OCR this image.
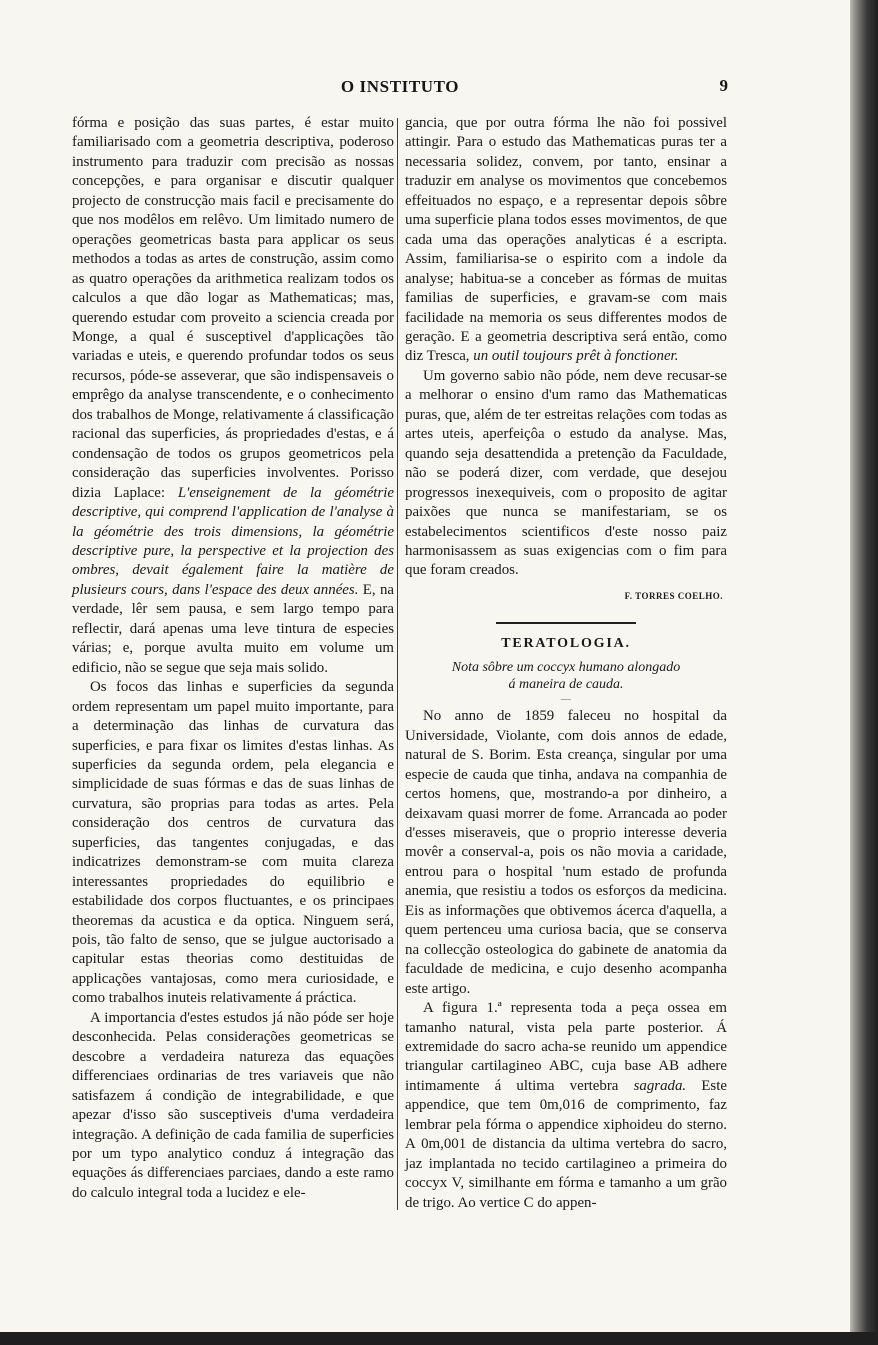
O INSTITUTO	9

fórma e posição das suas partes, é estar muito familiarisado com a geometria descriptiva, poderoso instrumento para traduzir com precisão as nossas concepções, e para organisar e discutir qualquer projecto de construcção mais facil e precisamente do que nos modêlos em relêvo. Um limitado numero de operações geometricas basta para applicar os seus methodos a todas as artes de construção, assim como as quatro operações da arithmetica realizam todos os calculos a que dão logar as Mathematicas; mas, querendo estudar com proveito a sciencia creada por Monge, a qual é susceptivel d'applicações tão variadas e uteis, e querendo profundar todos os seus recursos, póde-se asseverar, que são indispensaveis o emprêgo da analyse transcendente, e o conhecimento dos trabalhos de Monge, relativamente á classificação racional das superficies, ás propriedades d'estas, e á condensação de todos os grupos geometricos pela consideração das superficies involventes. Porisso dizia Laplace: L'enseignement de la géométrie descriptive, qui comprend l'application de l'analyse à la géométrie des trois dimensions, la géométrie descriptive pure, la perspective et la projection des ombres, devait également faire la matière de plusieurs cours, dans l'espace des deux années. E, na verdade, lêr sem pausa, e sem largo tempo para reflectir, dará apenas uma leve tintura de especies várias; e, porque avulta muito em volume um edificio, não se segue que seja mais solido.

Os focos das linhas e superficies da segunda ordem representam um papel muito importante, para a determinação das linhas de curvatura das superficies, e para fixar os limites d'estas linhas. As superficies da segunda ordem, pela elegancia e simplicidade de suas fórmas e das de suas linhas de curvatura, são proprias para todas as artes. Pela consideração dos centros de curvatura das superficies, das tangentes conjugadas, e das indicatrizes demonstram-se com muita clareza interessantes propriedades do equilibrio e estabilidade dos corpos fluctuantes, e os principaes theoremas da acustica e da optica. Ninguem será, pois, tão falto de senso, que se julgue auctorisado a capitular estas theorias como destituidas de applicações vantajosas, como mera curiosidade, e como trabalhos inuteis relativamente á práctica.

A importancia d'estes estudos já não póde ser hoje desconhecida. Pelas considerações geometricas se descobre a verdadeira natureza das equações differenciaes ordinarias de tres variaveis que não satisfazem á condição de integrabilidade, e que apezar d'isso são susceptiveis d'uma verdadeira integração. A definição de cada familia de superficies por um typo analytico conduz á integração das equações ás differenciaes parciaes, dando a este ramo do calculo integral toda a lucidez e ele-

gancia, que por outra fórma lhe não foi possivel attingir. Para o estudo das Mathematicas puras ter a necessaria solidez, convem, por tanto, ensinar a traduzir em analyse os movimentos que concebemos effeituados no espaço, e a representar depois sôbre uma superficie plana todos esses movimentos, de que cada uma das operações analyticas é a escripta. Assim, familiarisa-se o espirito com a indole da analyse; habitua-se a conceber as fórmas de muitas familias de superficies, e gravam-se com mais facilidade na memoria os seus differentes modos de geração. E a geometria descriptiva será então, como diz Tresca, un outil toujours prêt à fonctioner.

Um governo sabio não póde, nem deve recusar-se a melhorar o ensino d'um ramo das Mathematicas puras, que, além de ter estreitas relações com todas as artes uteis, aperfeiçôa o estudo da analyse. Mas, quando seja desattendida a pretenção da Faculdade, não se poderá dizer, com verdade, que desejou progressos inexequiveis, com o proposito de agitar paixões que nunca se manifestariam, se os estabelecimentos scientificos d'este nosso paiz harmonisassem as suas exigencias com o fim para que foram creados.

F. TORRES COELHO.
TERATOLOGIA.
Nota sôbre um coccyx humano alongado
á maneira de cauda.
—

No anno de 1859 faleceu no hospital da Universidade, Violante, com dois annos de edade, natural de S. Borim. Esta creança, singular por uma especie de cauda que tinha, andava na companhia de certos homens, que, mostrando-a por dinheiro, a deixavam quasi morrer de fome. Arrancada ao poder d'esses miseraveis, que o proprio interesse deveria movêr a conserval-a, pois os não movia a caridade, entrou para o hospital 'num estado de profunda anemia, que resistiu a todos os esforços da medicina. Eis as informações que obtivemos ácerca d'aquella, a quem pertenceu uma curiosa bacia, que se conserva na collecção osteologica do gabinete de anatomia da faculdade de medicina, e cujo desenho acompanha este artigo.

A figura 1.ª representa toda a peça ossea em tamanho natural, vista pela parte posterior. Á extremidade do sacro acha-se reunido um appendice triangular cartilagineo ABC, cuja base AB adhere intimamente á ultima vertebra sagrada. Este appendice, que tem 0m,016 de comprimento, faz lembrar pela fórma o appendice xiphoideu do sterno. A 0m,001 de distancia da ultima vertebra do sacro, jaz implantada no tecido cartilagineo a primeira do coccyx V, similhante em fórma e tamanho a um grão de trigo. Ao vertice C do appen-
